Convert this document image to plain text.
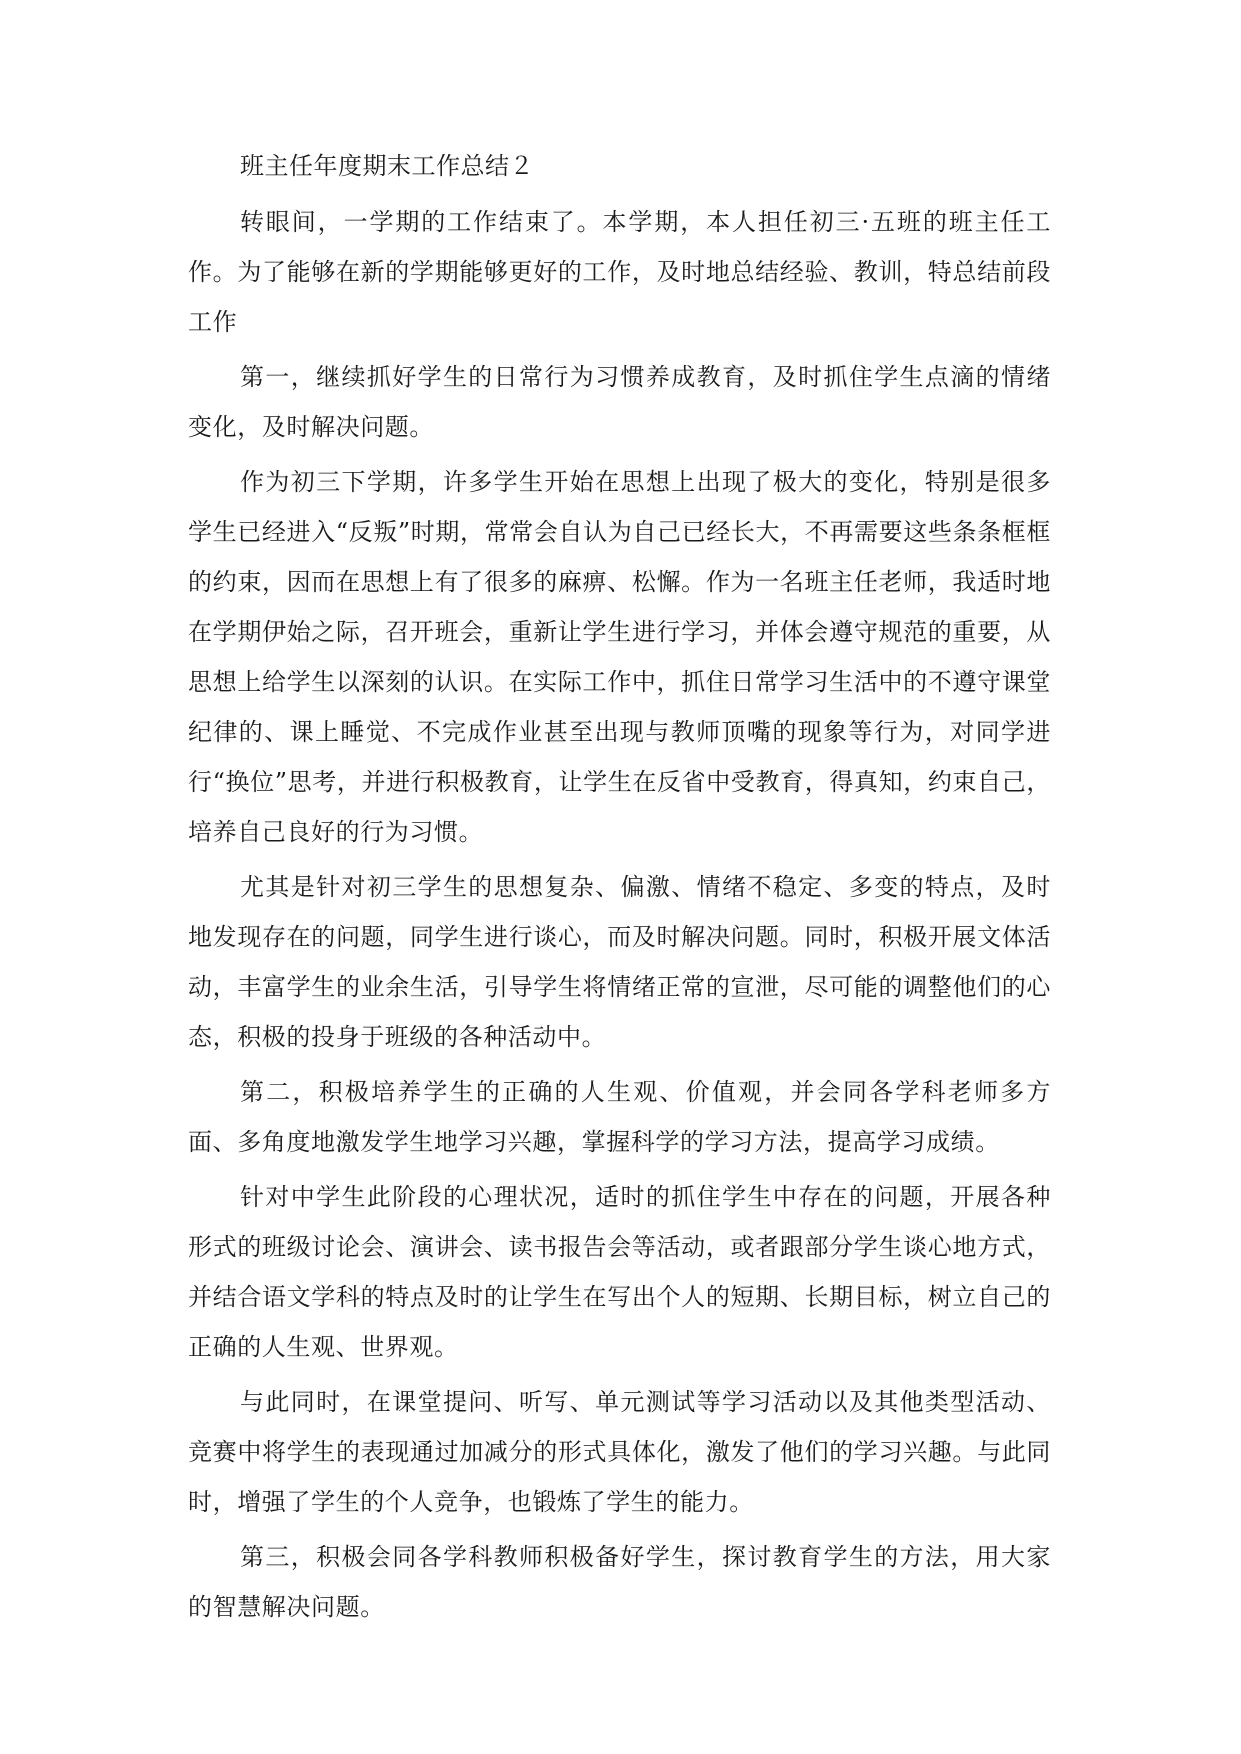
班主任年度期末工作总结２

转眼间，一学期的工作结束了。本学期，本人担任初三·五班的班主任工作。为了能够在新的学期能够更好的工作，及时地总结经验、教训，特总结前段工作

第一，继续抓好学生的日常行为习惯养成教育，及时抓住学生点滴的情绪变化，及时解决问题。

作为初三下学期，许多学生开始在思想上出现了极大的变化，特别是很多学生已经进入“反叛”时期，常常会自认为自己已经长大，不再需要这些条条框框的约束，因而在思想上有了很多的麻痹、松懈。作为一名班主任老师，我适时地在学期伊始之际，召开班会，重新让学生进行学习，并体会遵守规范的重要，从思想上给学生以深刻的认识。在实际工作中，抓住日常学习生活中的不遵守课堂纪律的、课上睡觉、不完成作业甚至出现与教师顶嘴的现象等行为，对同学进行“换位”思考，并进行积极教育，让学生在反省中受教育，得真知，约束自己，培养自己良好的行为习惯。

尤其是针对初三学生的思想复杂、偏激、情绪不稳定、多变的特点，及时地发现存在的问题，同学生进行谈心，而及时解决问题。同时，积极开展文体活动，丰富学生的业余生活，引导学生将情绪正常的宣泄，尽可能的调整他们的心态，积极的投身于班级的各种活动中。

第二，积极培养学生的正确的人生观、价值观，并会同各学科老师多方面、多角度地激发学生地学习兴趣，掌握科学的学习方法，提高学习成绩。

针对中学生此阶段的心理状况，适时的抓住学生中存在的问题，开展各种形式的班级讨论会、演讲会、读书报告会等活动，或者跟部分学生谈心地方式，并结合语文学科的特点及时的让学生在写出个人的短期、长期目标，树立自己的正确的人生观、世界观。

与此同时，在课堂提问、听写、单元测试等学习活动以及其他类型活动、竞赛中将学生的表现通过加减分的形式具体化，激发了他们的学习兴趣。与此同时，增强了学生的个人竞争，也锻炼了学生的能力。

第三，积极会同各学科教师积极备好学生，探讨教育学生的方法，用大家的智慧解决问题。
